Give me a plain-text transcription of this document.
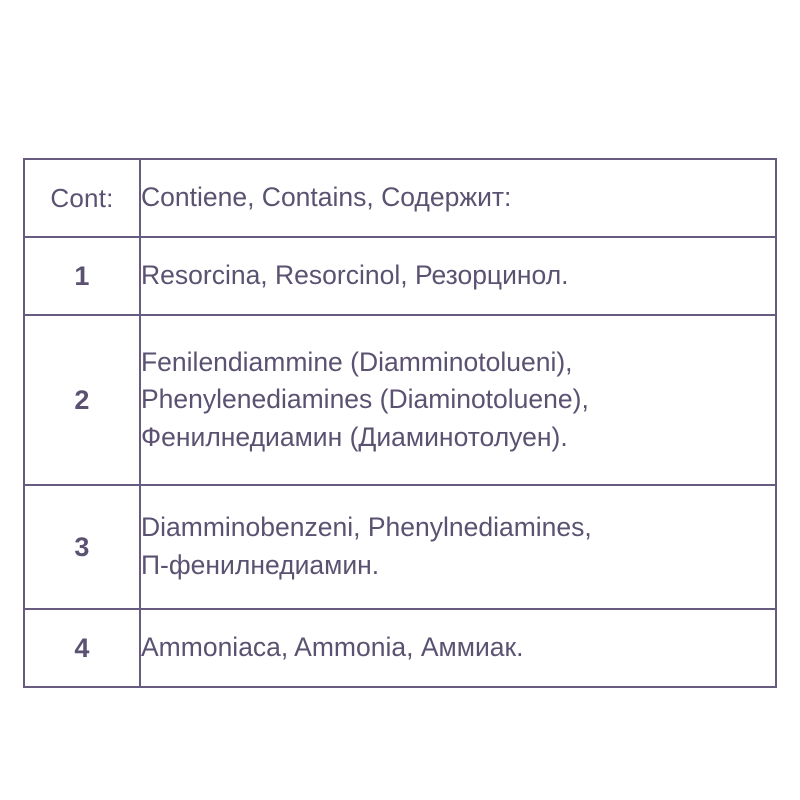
Cont:	Contiene, Contains, Содержит:

1	Resorcina, Resorcinol, Резорцинол.

2	Fenilendiammine (Diamminotolueni),
Phenylenediamines (Diaminotoluene),
Фенилнедиамин (Диаминотолуен).

3	Diamminobenzeni, Phenylnediamines,
П-фенилнедиамин.

4	Ammoniaca, Ammonia, Аммиак.
